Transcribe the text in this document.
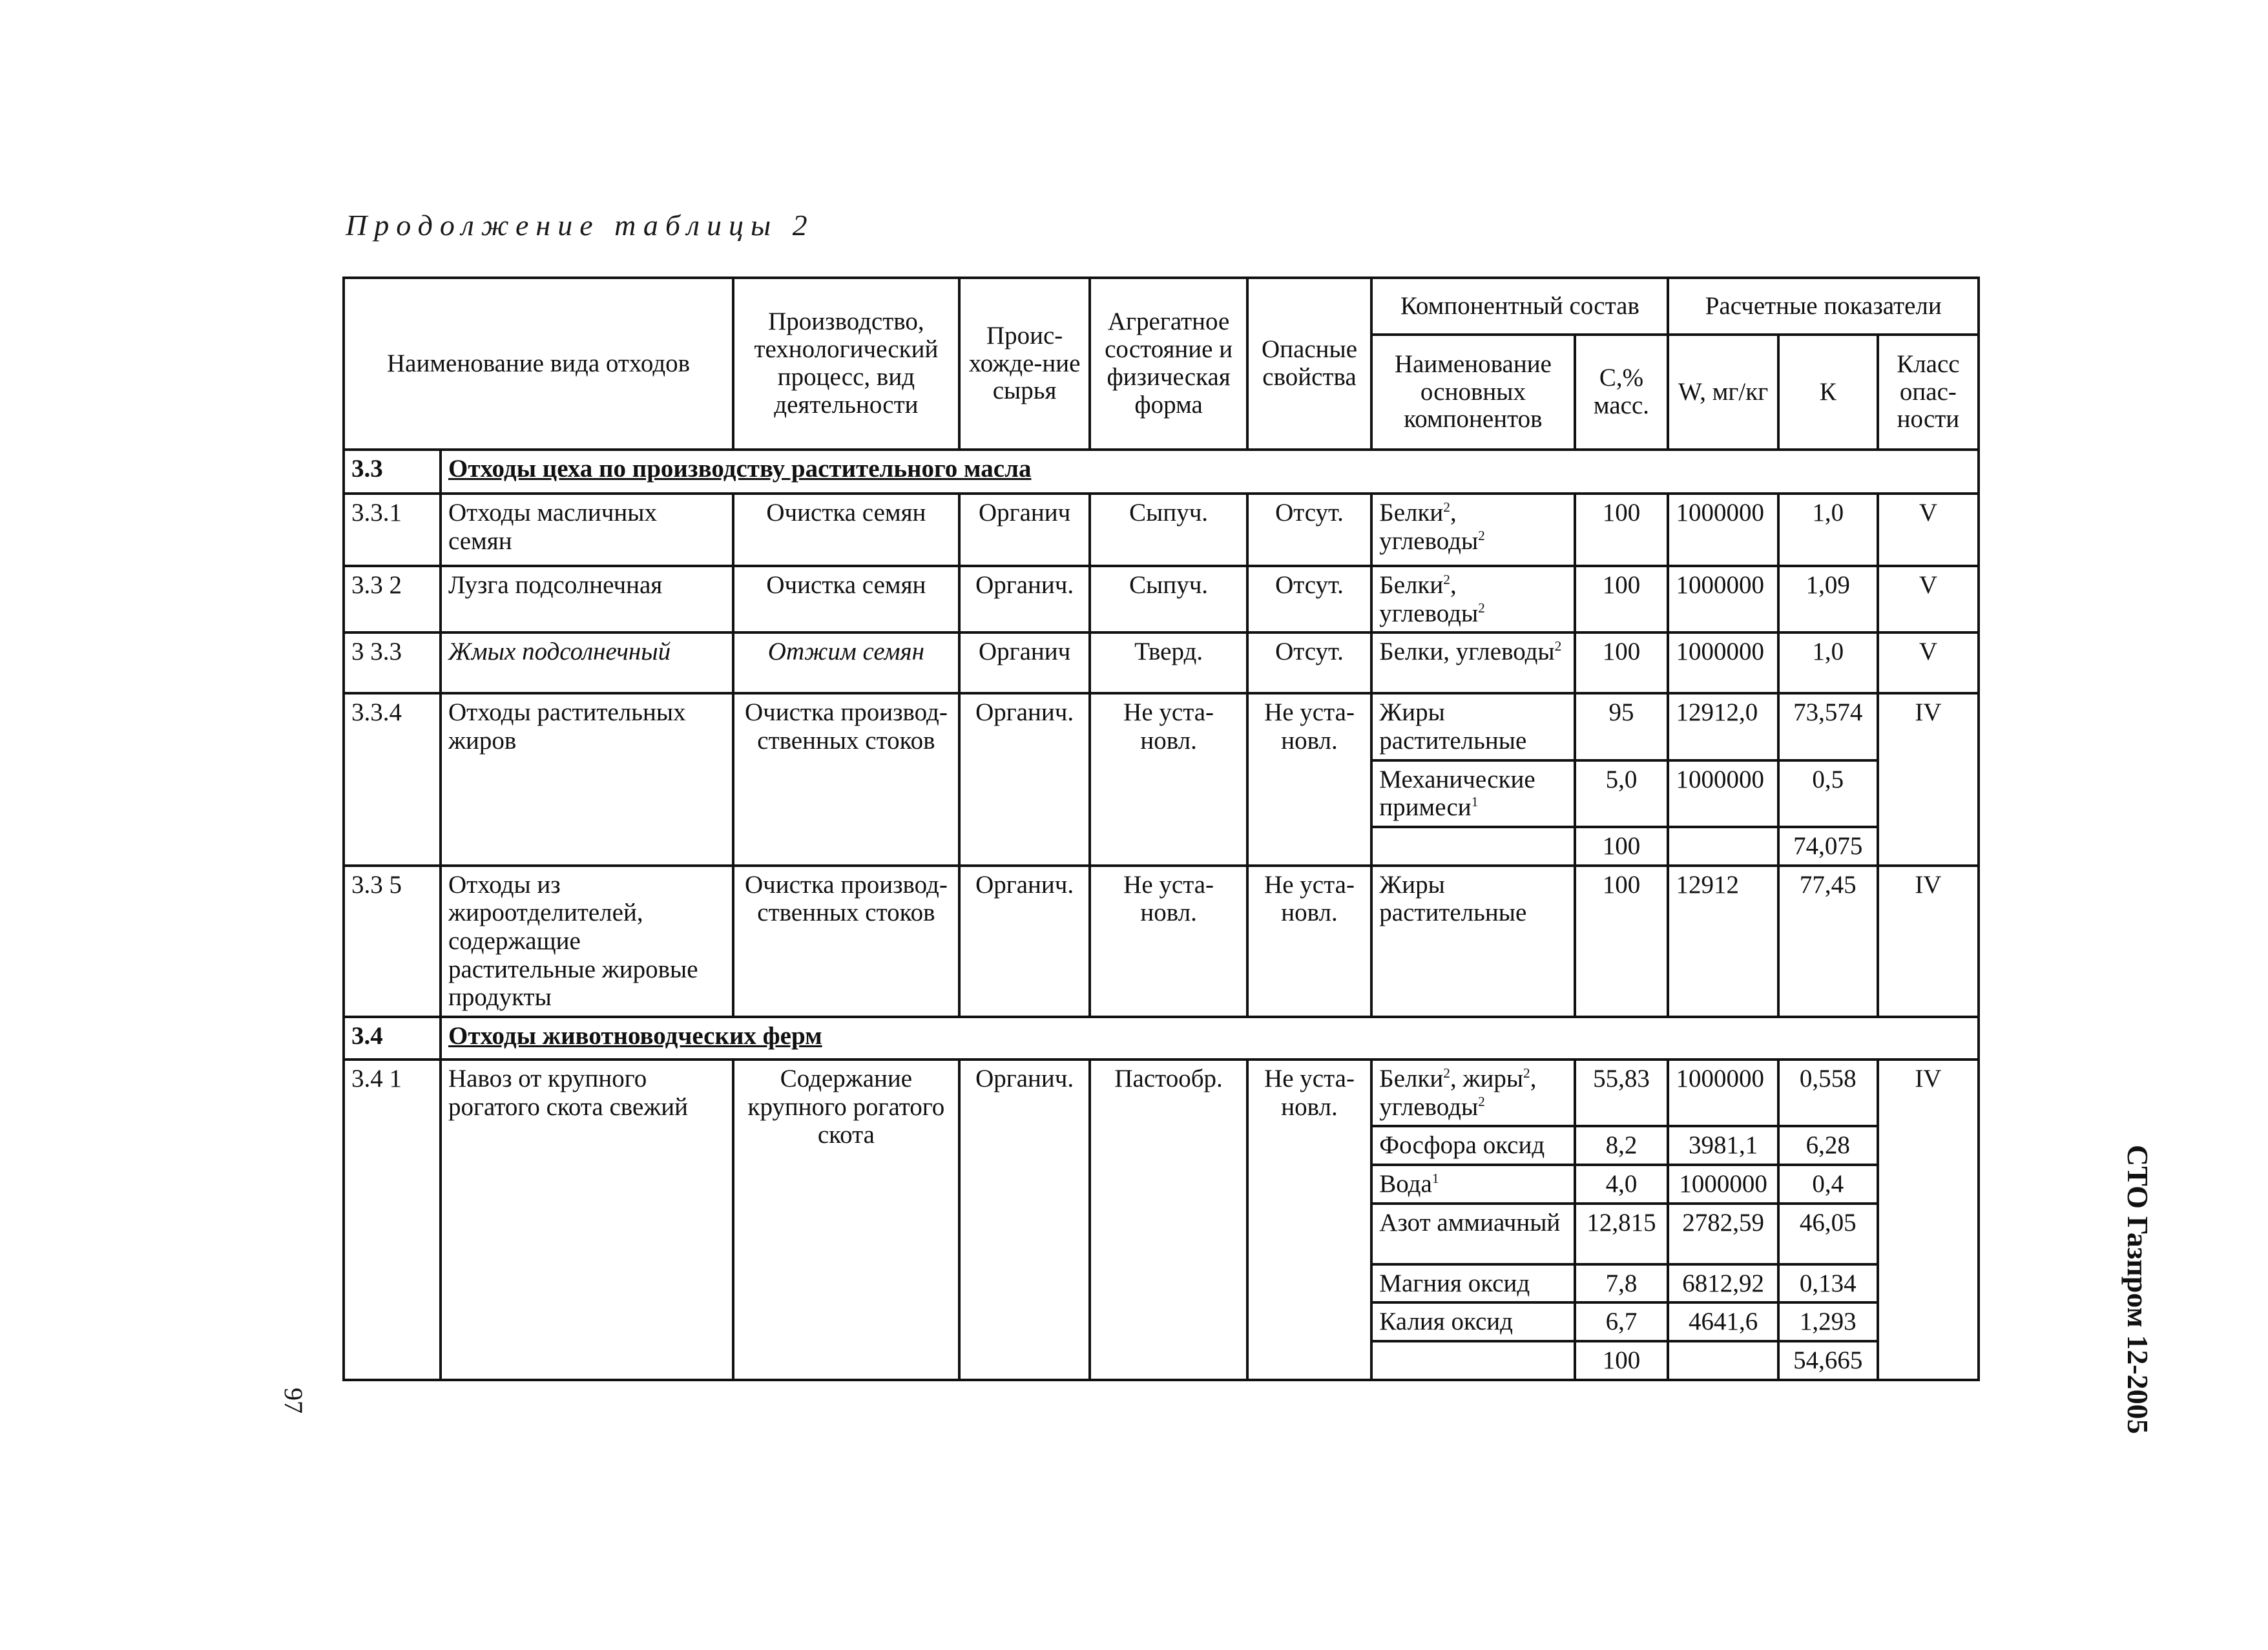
Продолжение таблицы 2
Наименование вида отходов		Производство, технологический процесс, вид деятельности	Проис-хожде-ние сырья	Агрегатное состояние и физическая форма	Опасные свойства	Компонентный состав		Расчетные показатели		
						Наименование основных компонентов	С,% масс.	W, мг/кг	К	Класс опас-ности
3.3	Отходы цеха по производству растительного масла									
3.3.1	Отходы масличных семян	Очистка семян	Органич	Сыпуч.	Отсут.	Белки$^2$, углеводы$^2$	100	1000000	1,0	V
3.3 2	Лузга подсолнечная	Очистка семян	Органич.	Сыпуч.	Отсут.	Белки$^2$, углеводы$^2$	100	1000000	1,09	V
3 3.3	Жмых подсолнечный	Отжим семян	Органич	Тверд.	Отсут.	Белки, углеводы$^2$	100	1000000	1,0	V
3.3.4	Отходы растительных жиров	Очистка производ-ственных стоков	Органич.	Не уста-новл.	Не уста-новл.	Жиры растительные	95	12912,0	73,574	IV
						Механические примеси$^1$	5,0	1000000	0,5	
							100		74,075	
3.3 5	Отходы из жироотделителей, содержащие растительные жировые продукты	Очистка производ-ственных стоков	Органич.	Не уста-новл.	Не уста-новл.	Жиры растительные	100	12912	77,45	IV
3.4	Отходы животноводческих ферм									
3.4 1	Навоз от крупного рогатого скота свежий	Содержание крупного рогатого скота	Органич.	Пастообр.	Не уста-новл.	Белки$^2$, жиры$^2$, углеводы$^2$	55,83	1000000	0,558	IV
						Фосфора оксид	8,2	3981,1	6,28	
						Вода$^1$	4,0	1000000	0,4	
						Азот аммиачный	12,815	2782,59	46,05	
						Магния оксид	7,8	6812,92	0,134	
						Калия оксид	6,7	4641,6	1,293	
							100		54,665		СТО Газпром 12-2005
97
